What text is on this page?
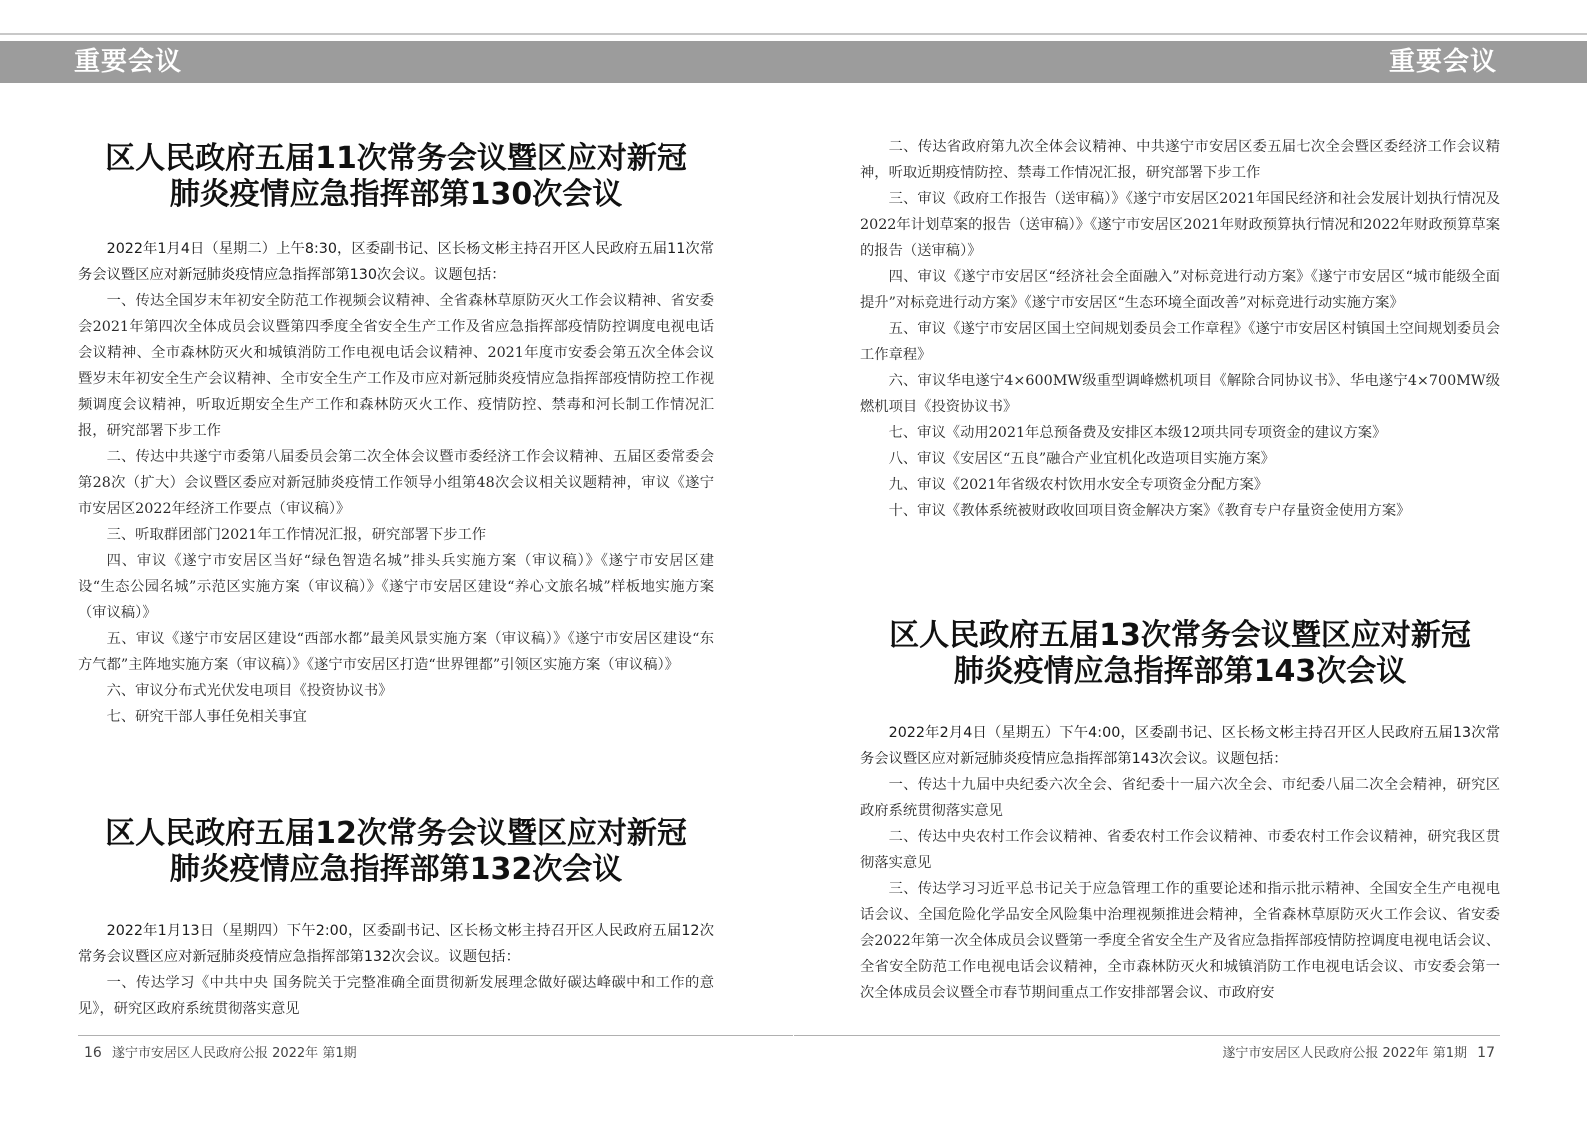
重要会议	重要会议
区人民政府五届11次常务会议暨区应对新冠
肺炎疫情应急指挥部第130次会议

2022年1月4日（星期二）上午8:30，区委副书记、区长杨文彬主持召开区人民政府五届11次常务会议暨区应对新冠肺炎疫情应急指挥部第130次会议。议题包括：

一、传达全国岁末年初安全防范工作视频会议精神、全省森林草原防灭火工作会议精神、省安委会2021年第四次全体成员会议暨第四季度全省安全生产工作及省应急指挥部疫情防控调度电视电话会议精神、全市森林防灭火和城镇消防工作电视电话会议精神、2021年度市安委会第五次全体会议暨岁末年初安全生产会议精神、全市安全生产工作及市应对新冠肺炎疫情应急指挥部疫情防控工作视频调度会议精神，听取近期安全生产工作和森林防灭火工作、疫情防控、禁毒和河长制工作情况汇报，研究部署下步工作

二、传达中共遂宁市委第八届委员会第二次全体会议暨市委经济工作会议精神、五届区委常委会第28次（扩大）会议暨区委应对新冠肺炎疫情工作领导小组第48次会议相关议题精神，审议《遂宁市安居区2022年经济工作要点（审议稿）》

三、听取群团部门2021年工作情况汇报，研究部署下步工作

四、审议《遂宁市安居区当好“绿色智造名城”排头兵实施方案（审议稿）》《遂宁市安居区建设“生态公园名城”示范区实施方案（审议稿）》《遂宁市安居区建设“养心文旅名城”样板地实施方案（审议稿）》

五、审议《遂宁市安居区建设“西部水都”最美风景实施方案（审议稿）》《遂宁市安居区建设“东方气都”主阵地实施方案（审议稿）》《遂宁市安居区打造“世界锂都”引领区实施方案（审议稿）》

六、审议分布式光伏发电项目《投资协议书》

七、研究干部人事任免相关事宜

区人民政府五届12次常务会议暨区应对新冠
肺炎疫情应急指挥部第132次会议

2022年1月13日（星期四）下午2:00，区委副书记、区长杨文彬主持召开区人民政府五届12次常务会议暨区应对新冠肺炎疫情应急指挥部第132次会议。议题包括：

一、传达学习《中共中央 国务院关于完整准确全面贯彻新发展理念做好碳达峰碳中和工作的意见》，研究区政府系统贯彻落实意见

16 遂宁市安居区人民政府公报 2022年 第1期

二、传达省政府第九次全体会议精神、中共遂宁市安居区委五届七次全会暨区委经济工作会议精神，听取近期疫情防控、禁毒工作情况汇报，研究部署下步工作

三、审议《政府工作报告（送审稿）》《遂宁市安居区2021年国民经济和社会发展计划执行情况及2022年计划草案的报告（送审稿）》《遂宁市安居区2021年财政预算执行情况和2022年财政预算草案的报告（送审稿）》

四、审议《遂宁市安居区“经济社会全面融入”对标竞进行动方案》《遂宁市安居区“城市能级全面提升”对标竞进行动方案》《遂宁市安居区“生态环境全面改善”对标竞进行动实施方案》

五、审议《遂宁市安居区国土空间规划委员会工作章程》《遂宁市安居区村镇国土空间规划委员会工作章程》

六、审议华电遂宁4×600MW级重型调峰燃机项目《解除合同协议书》、华电遂宁4×700MW级燃机项目《投资协议书》

七、审议《动用2021年总预备费及安排区本级12项共同专项资金的建议方案》

八、审议《安居区“五良”融合产业宜机化改造项目实施方案》

九、审议《2021年省级农村饮用水安全专项资金分配方案》

十、审议《教体系统被财政收回项目资金解决方案》《教育专户存量资金使用方案》

区人民政府五届13次常务会议暨区应对新冠
肺炎疫情应急指挥部第143次会议

2022年2月4日（星期五）下午4:00，区委副书记、区长杨文彬主持召开区人民政府五届13次常务会议暨区应对新冠肺炎疫情应急指挥部第143次会议。议题包括：

一、传达十九届中央纪委六次全会、省纪委十一届六次全会、市纪委八届二次全会精神，研究区政府系统贯彻落实意见

二、传达中央农村工作会议精神、省委农村工作会议精神、市委农村工作会议精神，研究我区贯彻落实意见

三、传达学习习近平总书记关于应急管理工作的重要论述和指示批示精神、全国安全生产电视电话会议、全国危险化学品安全风险集中治理视频推进会精神，全省森林草原防灭火工作会议、省安委会2022年第一次全体成员会议暨第一季度全省安全生产及省应急指挥部疫情防控调度电视电话会议、全省安全防范工作电视电话会议精神，全市森林防灭火和城镇消防工作电视电话会议、市安委会第一次全体成员会议暨全市春节期间重点工作安排部署会议、市政府安

遂宁市安居区人民政府公报 2022年 第1期 17
